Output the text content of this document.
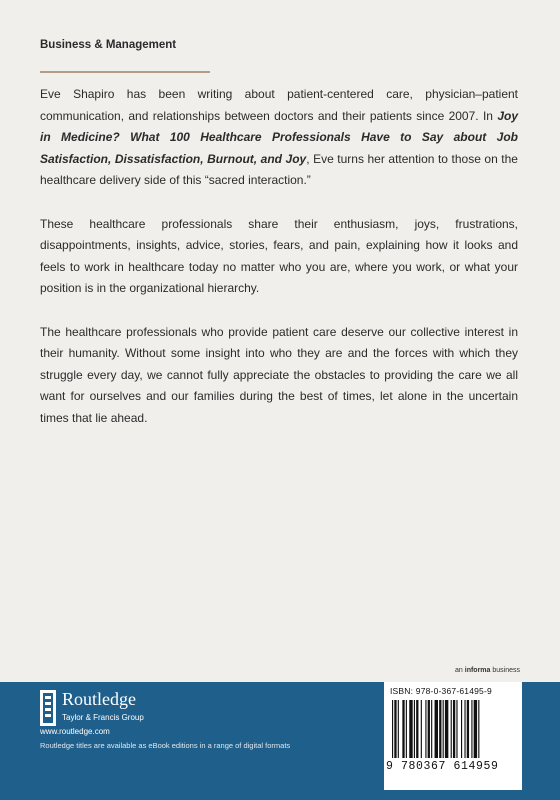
Business & Management

Eve Shapiro has been writing about patient-centered care, physician–patient communication, and relationships between doctors and their patients since 2007. In Joy in Medicine? What 100 Healthcare Professionals Have to Say about Job Satisfaction, Dissatisfaction, Burnout, and Joy, Eve turns her attention to those on the healthcare delivery side of this “sacred interaction.”

These healthcare professionals share their enthusiasm, joys, frustrations, disappointments, insights, advice, stories, fears, and pain, explaining how it looks and feels to work in healthcare today no matter who you are, where you work, or what your position is in the organizational hierarchy.

The healthcare professionals who provide patient care deserve our collective interest in their humanity. Without some insight into who they are and the forces with which they struggle every day, we cannot fully appreciate the obstacles to providing the care we all want for ourselves and our families during the best of times, let alone in the uncertain times that lie ahead.

an informa business
Routledge
Taylor & Francis Group
www.routledge.com
Routledge titles are available as eBook editions in a range of digital formats
ISBN: 978-0-367-61495-9
9 780367 614959
